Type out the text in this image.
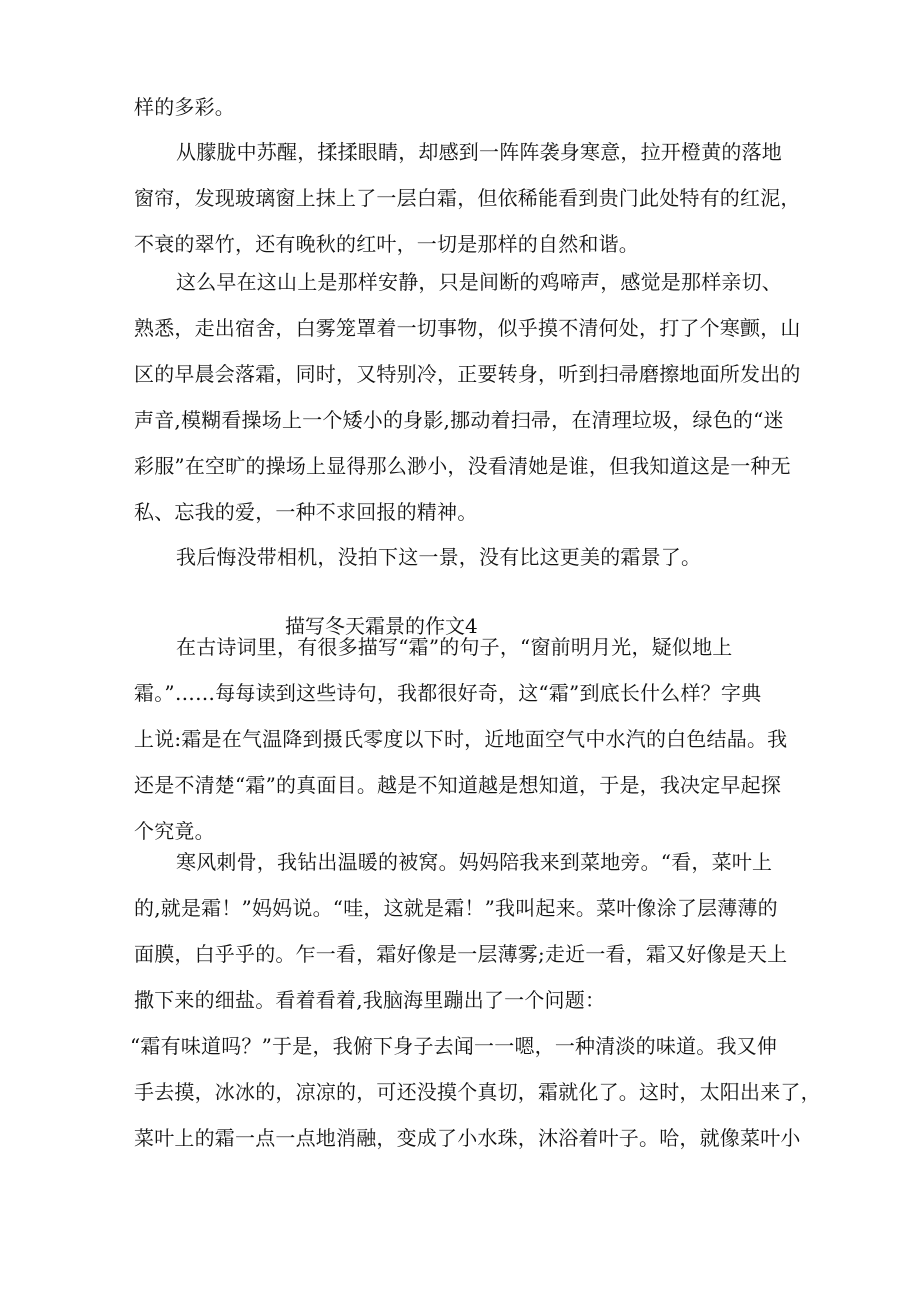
样的多彩。
从朦胧中苏醒，揉揉眼睛，却感到一阵阵袭身寒意，拉开橙黄的落地
窗帘，发现玻璃窗上抹上了一层白霜，但依稀能看到贵门此处特有的红泥，
不衰的翠竹，还有晚秋的红叶，一切是那样的自然和谐。
这么早在这山上是那样安静，只是间断的鸡啼声，感觉是那样亲切、
熟悉，走出宿舍，白雾笼罩着一切事物，似乎摸不清何处，打了个寒颤，山
区的早晨会落霜，同时，又特别冷，正要转身，听到扫帚磨擦地面所发出的
声音,模糊看操场上一个矮小的身影,挪动着扫帚，在清理垃圾，绿色的“迷
彩服”在空旷的操场上显得那么渺小，没看清她是谁，但我知道这是一种无
私、忘我的爱，一种不求回报的精神。
我后悔没带相机，没拍下这一景，没有比这更美的霜景了。
描写冬天霜景的作文4
在古诗词里，有很多描写“霜”的句子，“窗前明月光，疑似地上
霜。”……每每读到这些诗句，我都很好奇，这“霜”到底长什么样？字典
上说:霜是在气温降到摄氏零度以下时，近地面空气中水汽的白色结晶。我
还是不清楚“霜”的真面目。越是不知道越是想知道，于是，我决定早起探
个究竟。
寒风刺骨，我钻出温暖的被窝。妈妈陪我来到菜地旁。“看，菜叶上
的,就是霜！”妈妈说。“哇，这就是霜！”我叫起来。菜叶像涂了层薄薄的
面膜，白乎乎的。乍一看，霜好像是一层薄雾;走近一看，霜又好像是天上
撒下来的细盐。看着看着,我脑海里蹦出了一个问题：
“霜有味道吗？”于是，我俯下身子去闻一一嗯，一种清淡的味道。我又伸
手去摸，冰冰的，凉凉的，可还没摸个真切，霜就化了。这时，太阳出来了，
菜叶上的霜一点一点地消融，变成了小水珠，沐浴着叶子。哈，就像菜叶小
